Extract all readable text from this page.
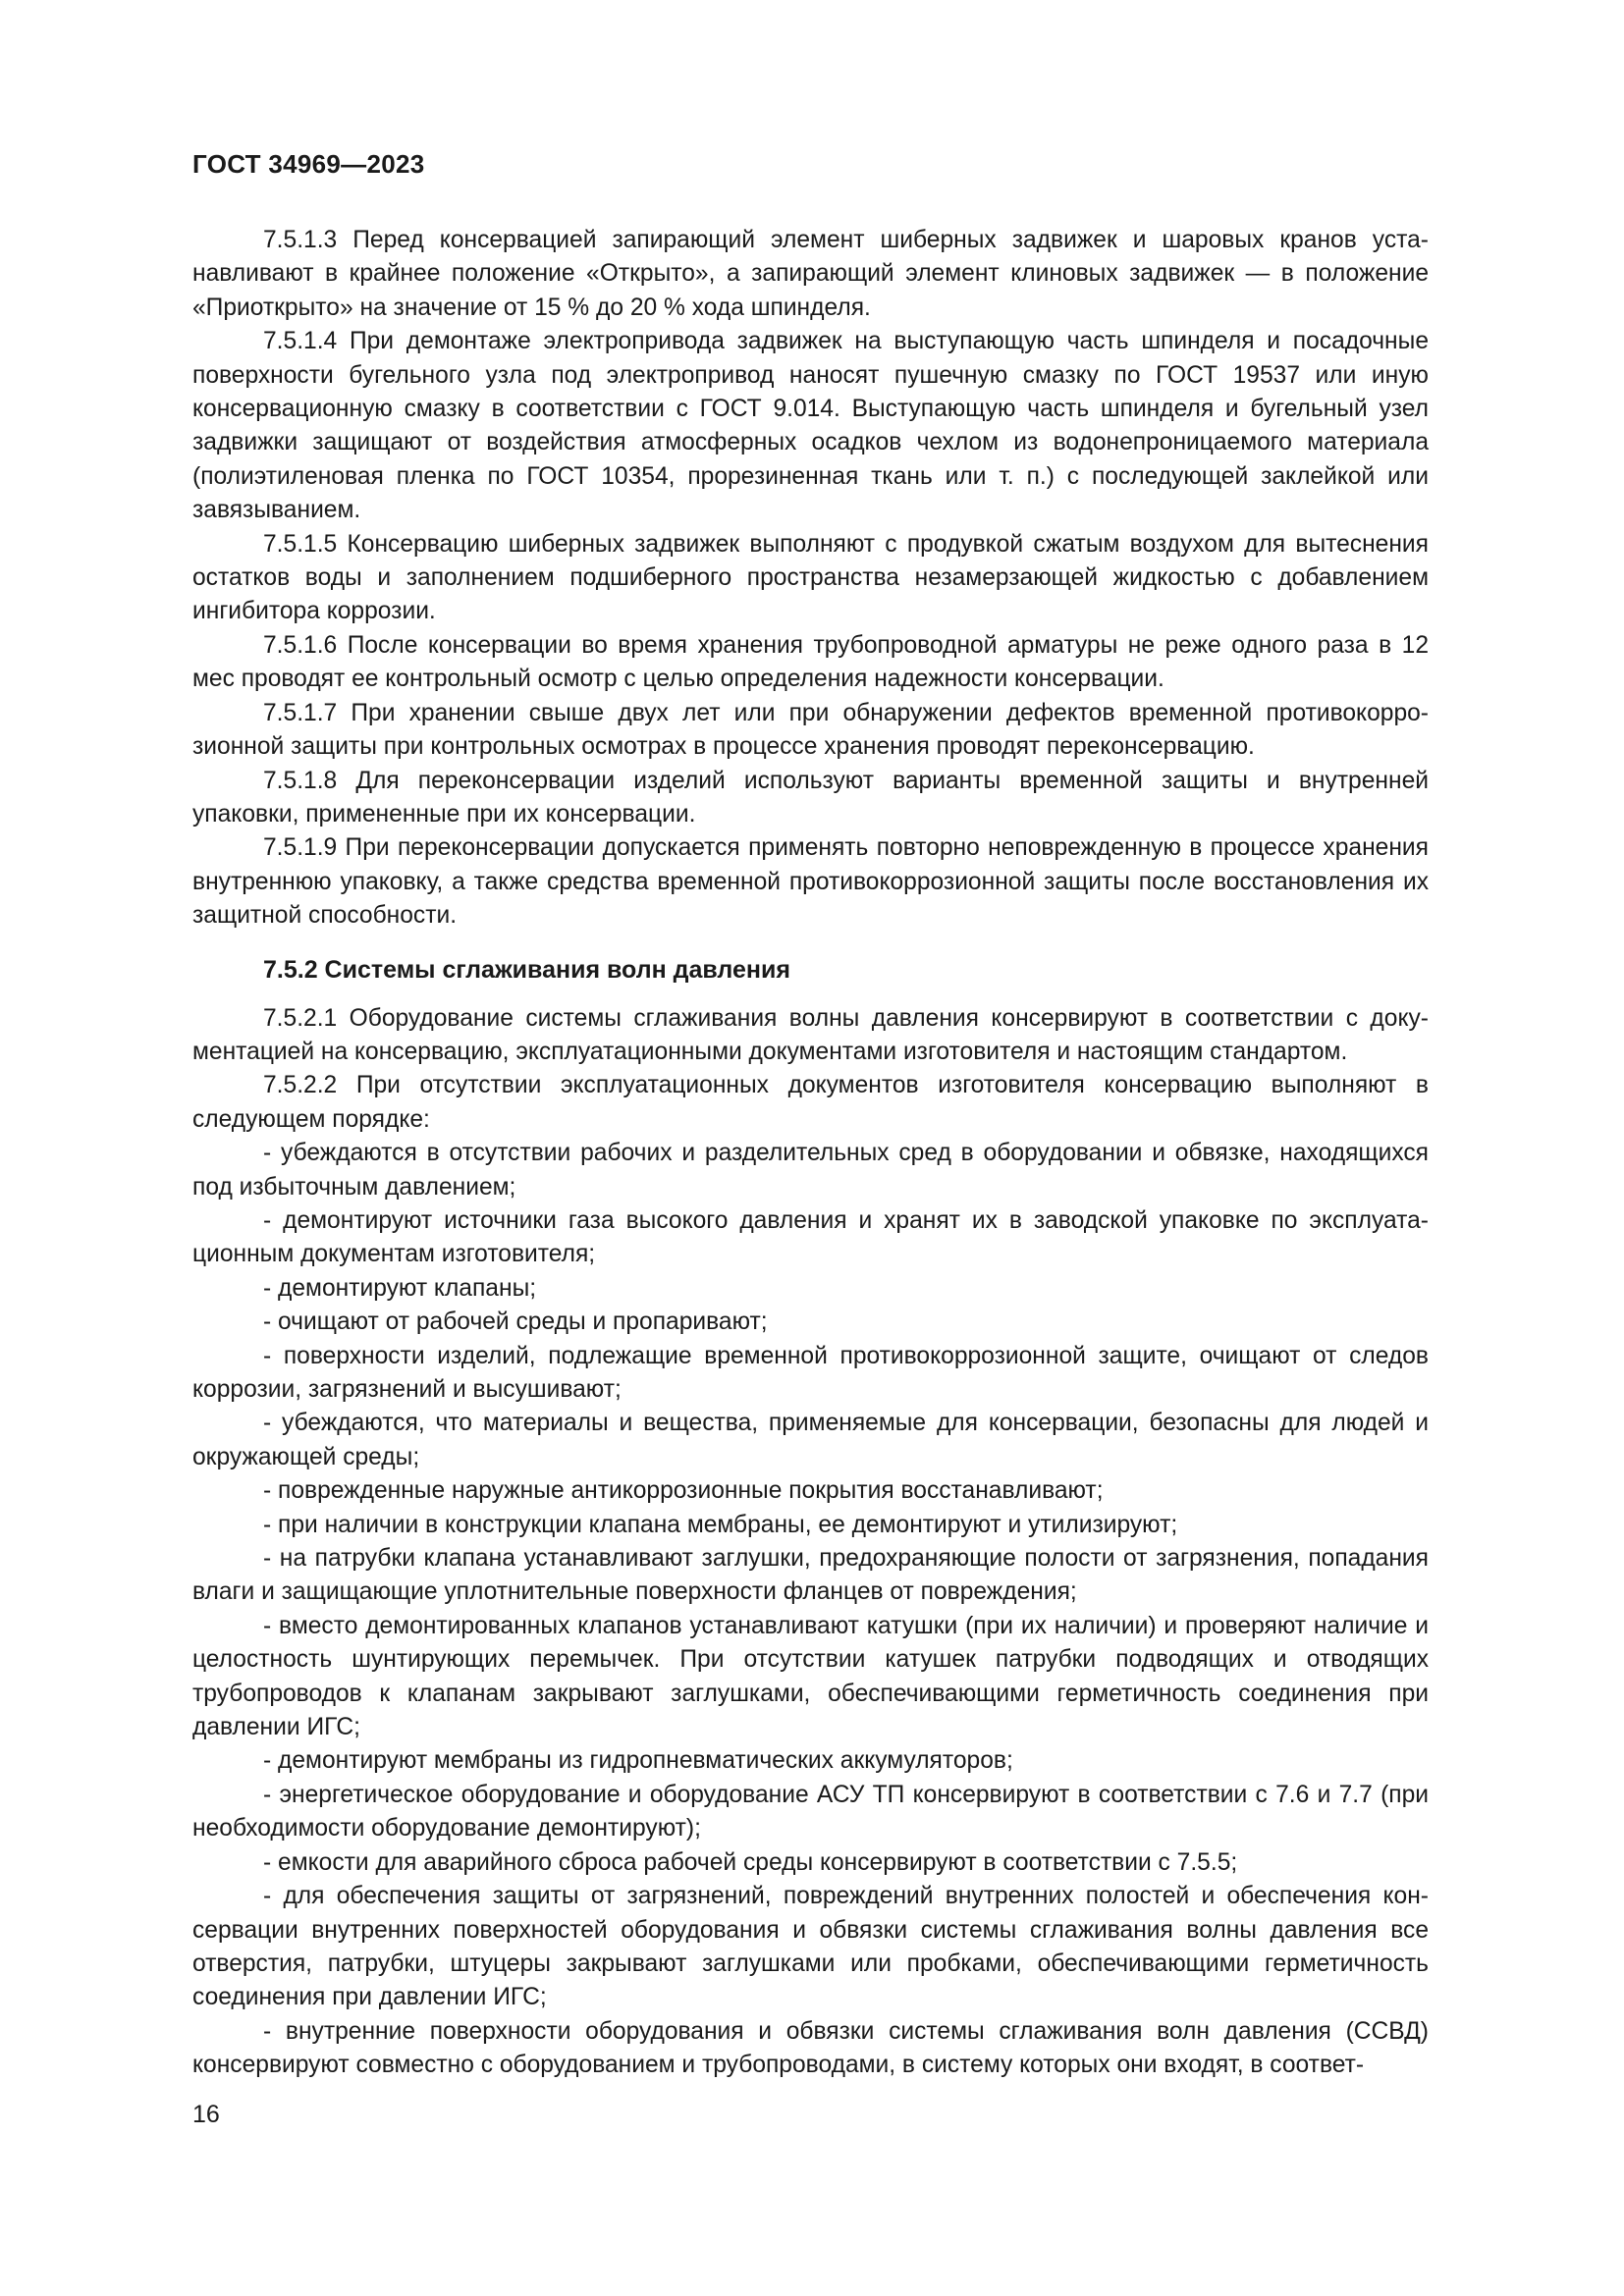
ГОСТ 34969—2023

7.5.1.3 Перед консервацией запирающий элемент шиберных задвижек и шаровых кранов устанавливают в крайнее положение «Открыто», а запирающий элемент клиновых задвижек — в положение «Приоткрыто» на значение от 15 % до 20 % хода шпинделя.

7.5.1.4 При демонтаже электропривода задвижек на выступающую часть шпинделя и посадочные поверхности бугельного узла под электропривод наносят пушечную смазку по ГОСТ 19537 или иную консервационную смазку в соответствии с ГОСТ 9.014. Выступающую часть шпинделя и бугельный узел задвижки защищают от воздействия атмосферных осадков чехлом из водонепроницаемого материала (полиэтиленовая пленка по ГОСТ 10354, прорезиненная ткань или т. п.) с последующей заклейкой или завязыванием.

7.5.1.5 Консервацию шиберных задвижек выполняют с продувкой сжатым воздухом для вытеснения остатков воды и заполнением подшиберного пространства незамерзающей жидкостью с добавлением ингибитора коррозии.

7.5.1.6 После консервации во время хранения трубопроводной арматуры не реже одного раза в 12 мес проводят ее контрольный осмотр с целью определения надежности консервации.

7.5.1.7 При хранении свыше двух лет или при обнаружении дефектов временной противокоррозионной защиты при контрольных осмотрах в процессе хранения проводят переконсервацию.

7.5.1.8 Для переконсервации изделий используют варианты временной защиты и внутренней упаковки, примененные при их консервации.

7.5.1.9 При переконсервации допускается применять повторно неповрежденную в процессе хранения внутреннюю упаковку, а также средства временной противокоррозионной защиты после восстановления их защитной способности.

7.5.2 Системы сглаживания волн давления

7.5.2.1 Оборудование системы сглаживания волны давления консервируют в соответствии с документацией на консервацию, эксплуатационными документами изготовителя и настоящим стандартом.

7.5.2.2 При отсутствии эксплуатационных документов изготовителя консервацию выполняют в следующем порядке:

- убеждаются в отсутствии рабочих и разделительных сред в оборудовании и обвязке, находящихся под избыточным давлением;

- демонтируют источники газа высокого давления и хранят их в заводской упаковке по эксплуатационным документам изготовителя;

- демонтируют клапаны;

- очищают от рабочей среды и пропаривают;

- поверхности изделий, подлежащие временной противокоррозионной защите, очищают от следов коррозии, загрязнений и высушивают;

- убеждаются, что материалы и вещества, применяемые для консервации, безопасны для людей и окружающей среды;

- поврежденные наружные антикоррозионные покрытия восстанавливают;

- при наличии в конструкции клапана мембраны, ее демонтируют и утилизируют;

- на патрубки клапана устанавливают заглушки, предохраняющие полости от загрязнения, попадания влаги и защищающие уплотнительные поверхности фланцев от повреждения;

- вместо демонтированных клапанов устанавливают катушки (при их наличии) и проверяют наличие и целостность шунтирующих перемычек. При отсутствии катушек патрубки подводящих и отводящих трубопроводов к клапанам закрывают заглушками, обеспечивающими герметичность соединения при давлении ИГС;

- демонтируют мембраны из гидропневматических аккумуляторов;

- энергетическое оборудование и оборудование АСУ ТП консервируют в соответствии с 7.6 и 7.7 (при необходимости оборудование демонтируют);

- емкости для аварийного сброса рабочей среды консервируют в соответствии с 7.5.5;

- для обеспечения защиты от загрязнений, повреждений внутренних полостей и обеспечения консервации внутренних поверхностей оборудования и обвязки системы сглаживания волны давления все отверстия, патрубки, штуцеры закрывают заглушками или пробками, обеспечивающими герметичность соединения при давлении ИГС;

- внутренние поверхности оборудования и обвязки системы сглаживания волн давления (ССВД) консервируют совместно с оборудованием и трубопроводами, в систему которых они входят, в соответ-

16
